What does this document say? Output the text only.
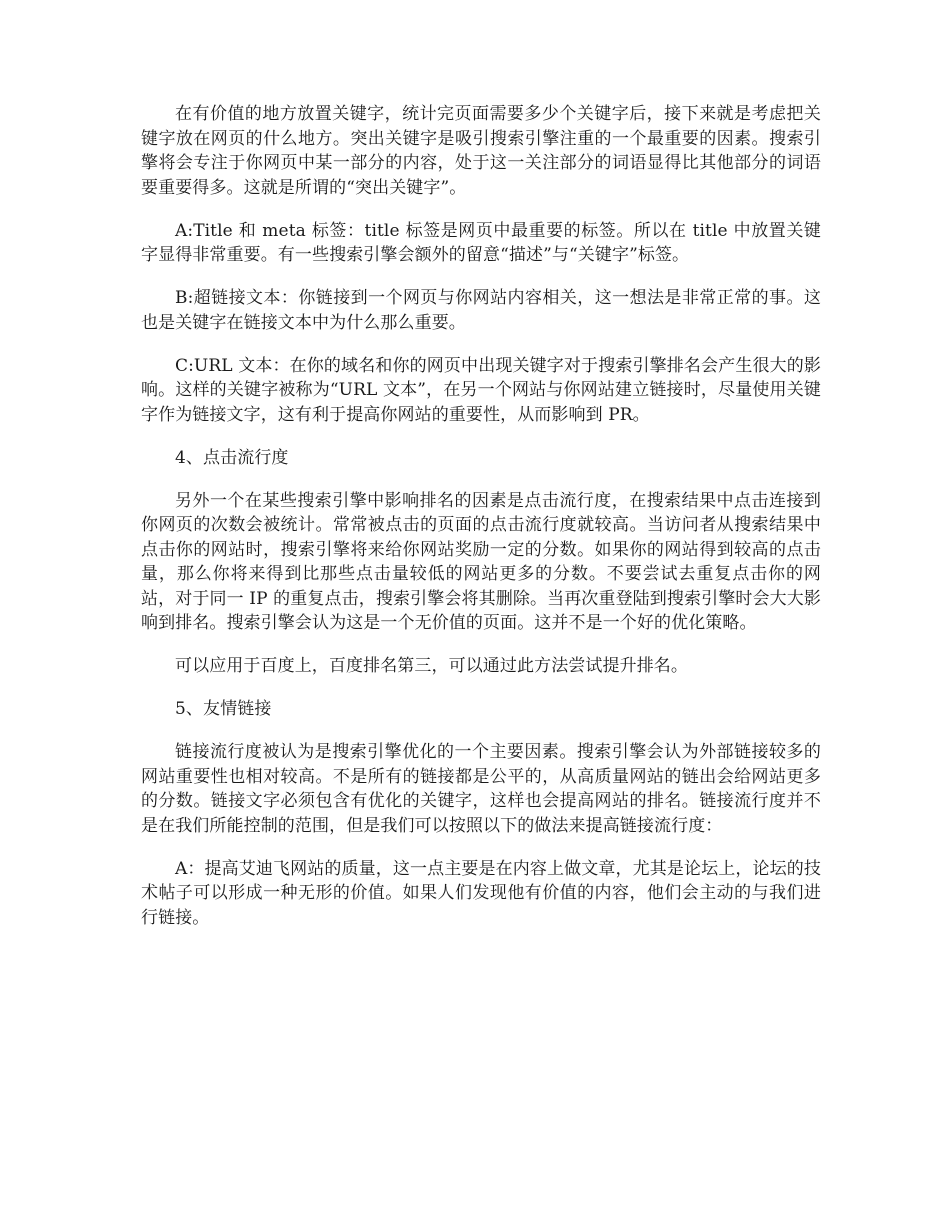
在有价值的地方放置关键字，统计完页面需要多少个关键字后，接下来就是考虑把关键字放在网页的什么地方。突出关键字是吸引搜索引擎注重的一个最重要的因素。搜索引擎将会专注于你网页中某一部分的内容，处于这一关注部分的词语显得比其他部分的词语要重要得多。这就是所谓的“突出关键字”。

A:Title 和 meta 标签：title 标签是网页中最重要的标签。所以在 title 中放置关键字显得非常重要。有一些搜索引擎会额外的留意“描述”与“关键字”标签。

B:超链接文本：你链接到一个网页与你网站内容相关，这一想法是非常正常的事。这也是关键字在链接文本中为什么那么重要。

C:URL 文本：在你的域名和你的网页中出现关键字对于搜索引擎排名会产生很大的影响。这样的关键字被称为“URL 文本”，在另一个网站与你网站建立链接时，尽量使用关键字作为链接文字，这有利于提高你网站的重要性，从而影响到 PR。

4、点击流行度

另外一个在某些搜索引擎中影响排名的因素是点击流行度，在搜索结果中点击连接到你网页的次数会被统计。常常被点击的页面的点击流行度就较高。当访问者从搜索结果中点击你的网站时，搜索引擎将来给你网站奖励一定的分数。如果你的网站得到较高的点击量，那么你将来得到比那些点击量较低的网站更多的分数。不要尝试去重复点击你的网站，对于同一 IP 的重复点击，搜索引擎会将其删除。当再次重登陆到搜索引擎时会大大影响到排名。搜索引擎会认为这是一个无价值的页面。这并不是一个好的优化策略。

可以应用于百度上，百度排名第三，可以通过此方法尝试提升排名。

5、友情链接

链接流行度被认为是搜索引擎优化的一个主要因素。搜索引擎会认为外部链接较多的网站重要性也相对较高。不是所有的链接都是公平的，从高质量网站的链出会给网站更多的分数。链接文字必须包含有优化的关键字，这样也会提高网站的排名。链接流行度并不是在我们所能控制的范围，但是我们可以按照以下的做法来提高链接流行度：

A：提高艾迪飞网站的质量，这一点主要是在内容上做文章，尤其是论坛上，论坛的技术帖子可以形成一种无形的价值。如果人们发现他有价值的内容，他们会主动的与我们进行链接。
